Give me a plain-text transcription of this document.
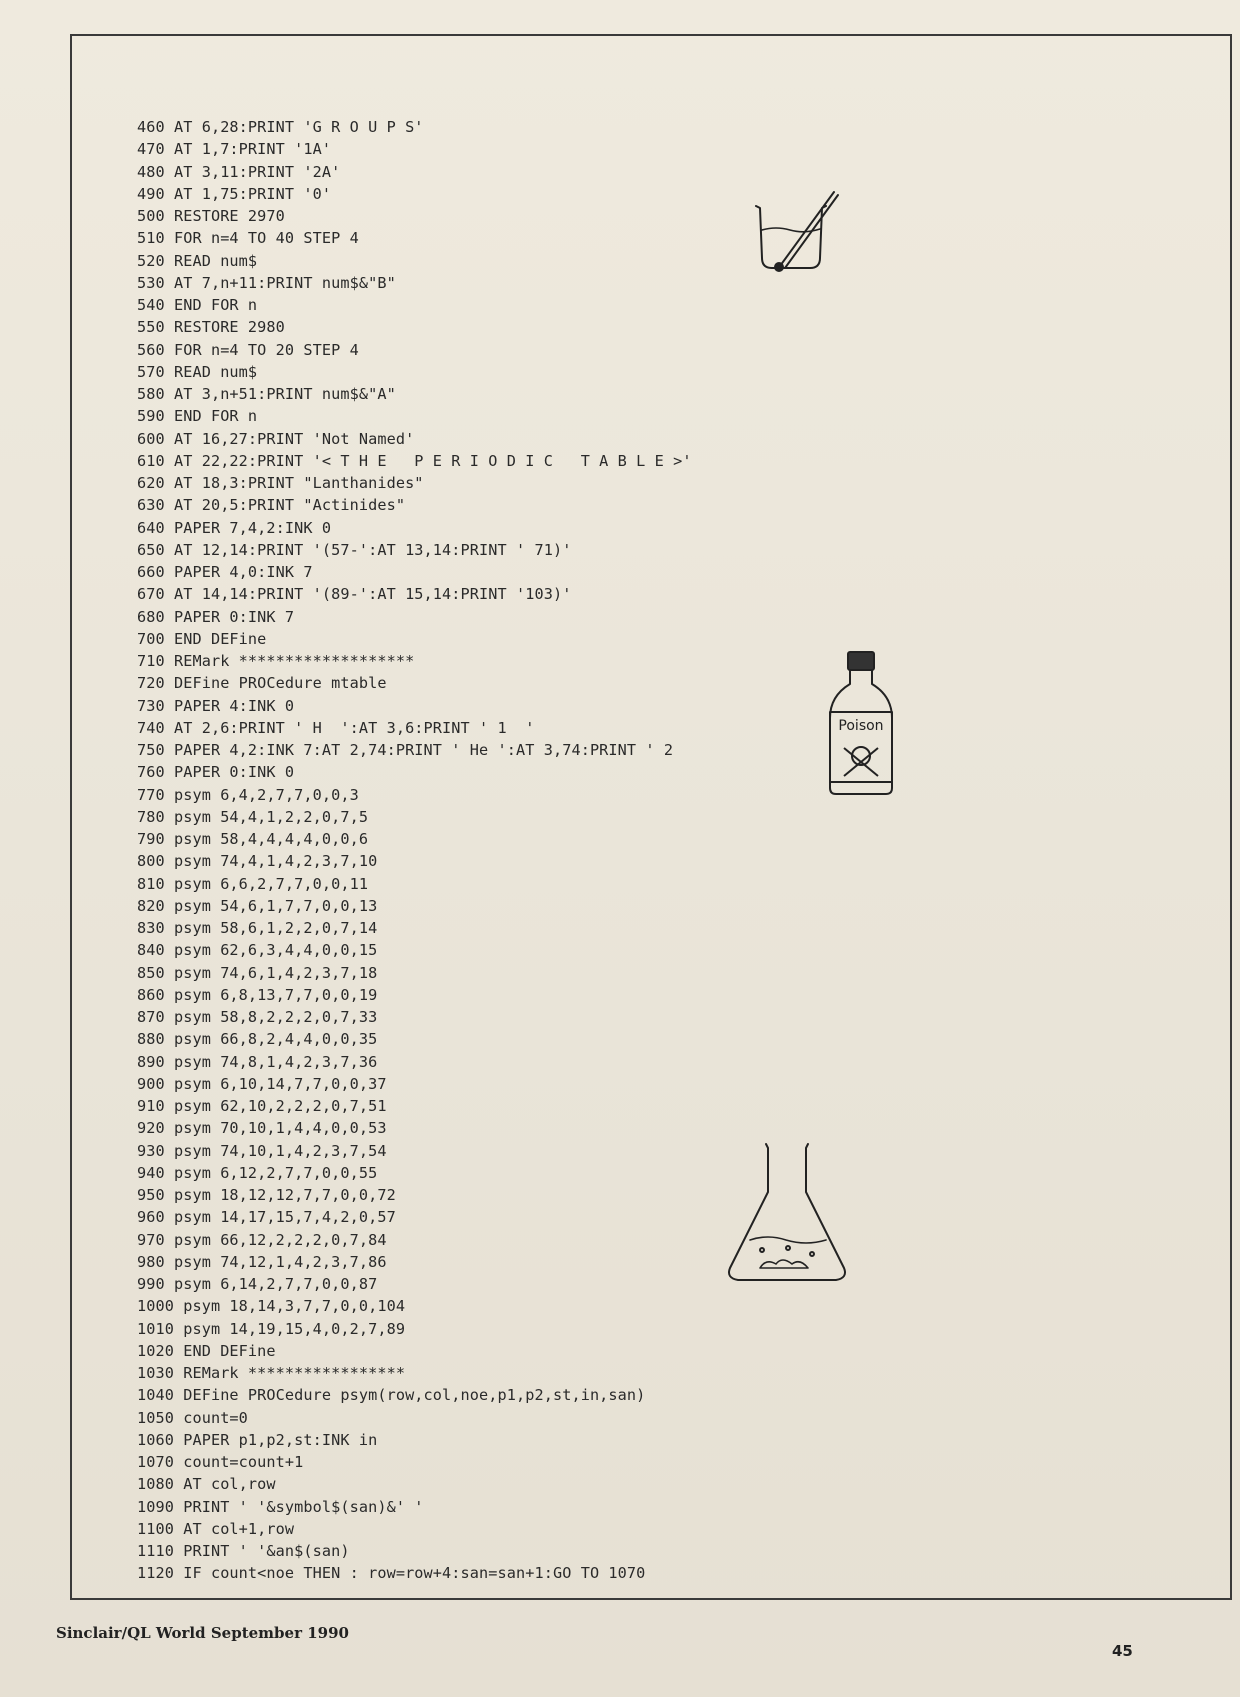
460 AT 6,28:PRINT 'G R O U P S'
470 AT 1,7:PRINT '1A'
480 AT 3,11:PRINT '2A'
490 AT 1,75:PRINT '0'
500 RESTORE 2970
510 FOR n=4 TO 40 STEP 4
520 READ num$
530 AT 7,n+11:PRINT num$&"B"
540 END FOR n
550 RESTORE 2980
560 FOR n=4 TO 20 STEP 4
570 READ num$
580 AT 3,n+51:PRINT num$&"A"
590 END FOR n
600 AT 16,27:PRINT 'Not Named'
610 AT 22,22:PRINT '< T H E   P E R I O D I C   T A B L E >'
620 AT 18,3:PRINT "Lanthanides"
630 AT 20,5:PRINT "Actinides"
640 PAPER 7,4,2:INK 0
650 AT 12,14:PRINT '(57-':AT 13,14:PRINT ' 71)'
660 PAPER 4,0:INK 7
670 AT 14,14:PRINT '(89-':AT 15,14:PRINT '103)'
680 PAPER 0:INK 7
700 END DEFine
710 REMark *******************
720 DEFine PROCedure mtable
730 PAPER 4:INK 0
740 AT 2,6:PRINT ' H  ':AT 3,6:PRINT ' 1  '
750 PAPER 4,2:INK 7:AT 2,74:PRINT ' He ':AT 3,74:PRINT ' 2
760 PAPER 0:INK 0
770 psym 6,4,2,7,7,0,0,3
780 psym 54,4,1,2,2,0,7,5
790 psym 58,4,4,4,4,0,0,6
800 psym 74,4,1,4,2,3,7,10
810 psym 6,6,2,7,7,0,0,11
820 psym 54,6,1,7,7,0,0,13
830 psym 58,6,1,2,2,0,7,14
840 psym 62,6,3,4,4,0,0,15
850 psym 74,6,1,4,2,3,7,18
860 psym 6,8,13,7,7,0,0,19
870 psym 58,8,2,2,2,0,7,33
880 psym 66,8,2,4,4,0,0,35
890 psym 74,8,1,4,2,3,7,36
900 psym 6,10,14,7,7,0,0,37
910 psym 62,10,2,2,2,0,7,51
920 psym 70,10,1,4,4,0,0,53
930 psym 74,10,1,4,2,3,7,54
940 psym 6,12,2,7,7,0,0,55
950 psym 18,12,12,7,7,0,0,72
960 psym 14,17,15,7,4,2,0,57
970 psym 66,12,2,2,2,0,7,84
980 psym 74,12,1,4,2,3,7,86
990 psym 6,14,2,7,7,0,0,87
1000 psym 18,14,3,7,7,0,0,104
1010 psym 14,19,15,4,0,2,7,89
1020 END DEFine
1030 REMark *****************
1040 DEFine PROCedure psym(row,col,noe,p1,p2,st,in,san)
1050 count=0
1060 PAPER p1,p2,st:INK in
1070 count=count+1
1080 AT col,row
1090 PRINT ' '&symbol$(san)&' '
1100 AT col+1,row
1110 PRINT ' '&an$(san)
1120 IF count<noe THEN : row=row+4:san=san+1:GO TO 1070
Poison
Sinclair/QL World September 1990
45
